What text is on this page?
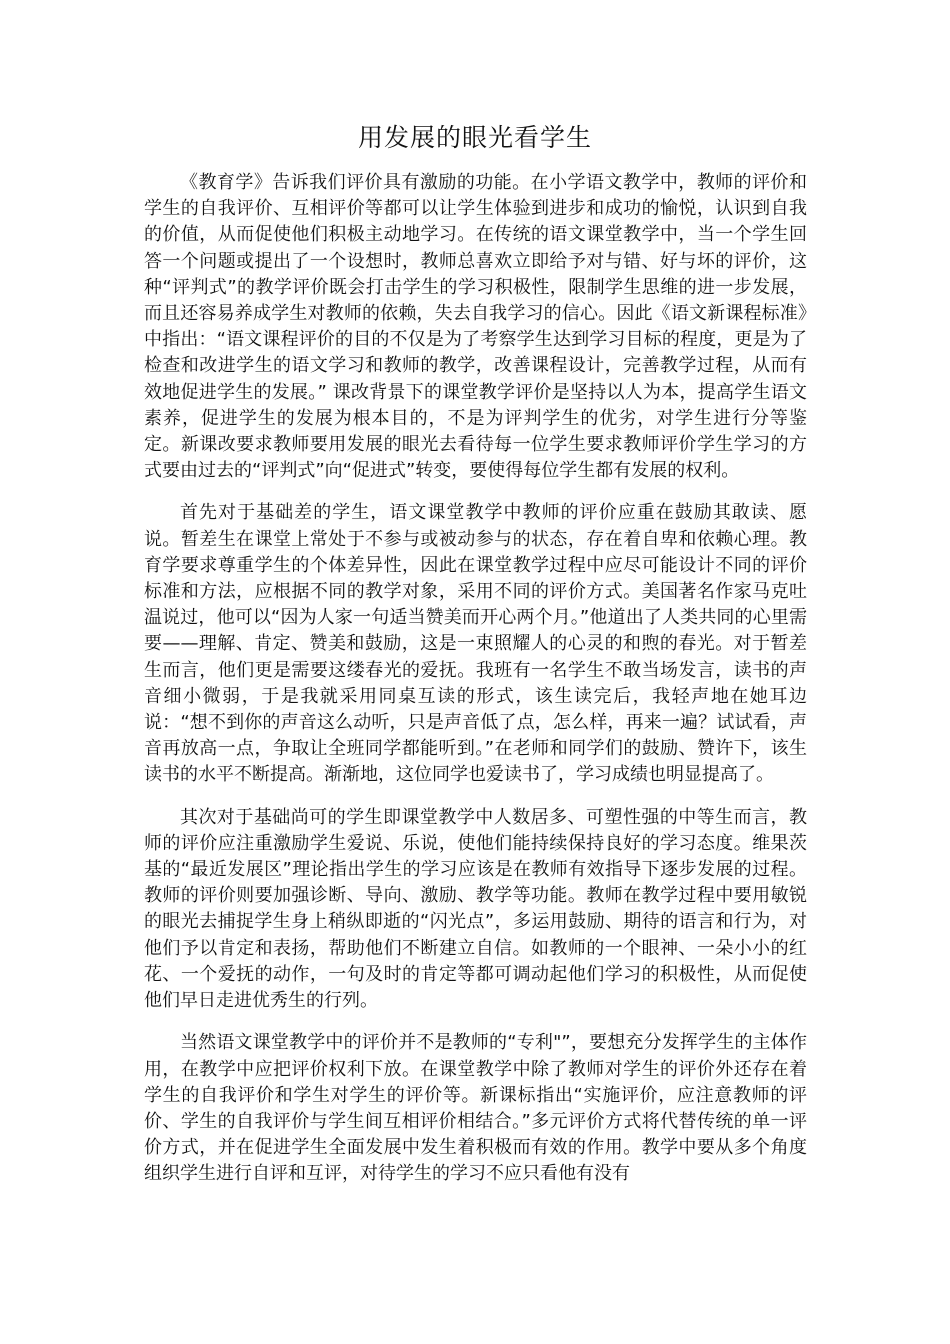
用发展的眼光看学生

《教育学》告诉我们评价具有激励的功能。在小学语文教学中，教师的评价和学生的自我评价、互相评价等都可以让学生体验到进步和成功的愉悦，认识到自我的价值，从而促使他们积极主动地学习。在传统的语文课堂教学中，当一个学生回答一个问题或提出了一个设想时，教师总喜欢立即给予对与错、好与坏的评价，这种“评判式”的教学评价既会打击学生的学习积极性，限制学生思维的进一步发展，而且还容易养成学生对教师的依赖，失去自我学习的信心。因此《语文新课程标准》中指出：“语文课程评价的目的不仅是为了考察学生达到学习目标的程度，更是为了检查和改进学生的语文学习和教师的教学，改善课程设计，完善教学过程，从而有效地促进学生的发展。” 课改背景下的课堂教学评价是坚持以人为本，提高学生语文素养，促进学生的发展为根本目的，不是为评判学生的优劣，对学生进行分等鉴定。新课改要求教师要用发展的眼光去看待每一位学生要求教师评价学生学习的方式要由过去的“评判式”向“促进式”转变，要使得每位学生都有发展的权利。

首先对于基础差的学生，语文课堂教学中教师的评价应重在鼓励其敢读、愿说。暂差生在课堂上常处于不参与或被动参与的状态，存在着自卑和依赖心理。教育学要求尊重学生的个体差异性，因此在课堂教学过程中应尽可能设计不同的评价标准和方法，应根据不同的教学对象，采用不同的评价方式。美国著名作家马克吐温说过，他可以“因为人家一句适当赞美而开心两个月。”他道出了人类共同的心里需要——理解、肯定、赞美和鼓励，这是一束照耀人的心灵的和煦的春光。对于暂差生而言，他们更是需要这缕春光的爱抚。我班有一名学生不敢当场发言，读书的声音细小微弱，于是我就采用同桌互读的形式，该生读完后，我轻声地在她耳边说：“想不到你的声音这么动听，只是声音低了点，怎么样，再来一遍？试试看，声音再放高一点，争取让全班同学都能听到。”在老师和同学们的鼓励、赞许下，该生读书的水平不断提高。渐渐地，这位同学也爱读书了，学习成绩也明显提高了。

其次对于基础尚可的学生即课堂教学中人数居多、可塑性强的中等生而言，教师的评价应注重激励学生爱说、乐说，使他们能持续保持良好的学习态度。维果茨基的“最近发展区”理论指出学生的学习应该是在教师有效指导下逐步发展的过程。教师的评价则要加强诊断、导向、激励、教学等功能。教师在教学过程中要用敏锐的眼光去捕捉学生身上稍纵即逝的“闪光点”，多运用鼓励、期待的语言和行为，对他们予以肯定和表扬，帮助他们不断建立自信。如教师的一个眼神、一朵小小的红花、一个爱抚的动作，一句及时的肯定等都可调动起他们学习的积极性，从而促使他们早日走进优秀生的行列。

当然语文课堂教学中的评价并不是教师的“专利"”，要想充分发挥学生的主体作用，在教学中应把评价权利下放。在课堂教学中除了教师对学生的评价外还存在着学生的自我评价和学生对学生的评价等。新课标指出“实施评价，应注意教师的评价、学生的自我评价与学生间互相评价相结合。”多元评价方式将代替传统的单一评价方式，并在促进学生全面发展中发生着积极而有效的作用。教学中要从多个角度组织学生进行自评和互评，对待学生的学习不应只看他有没有
